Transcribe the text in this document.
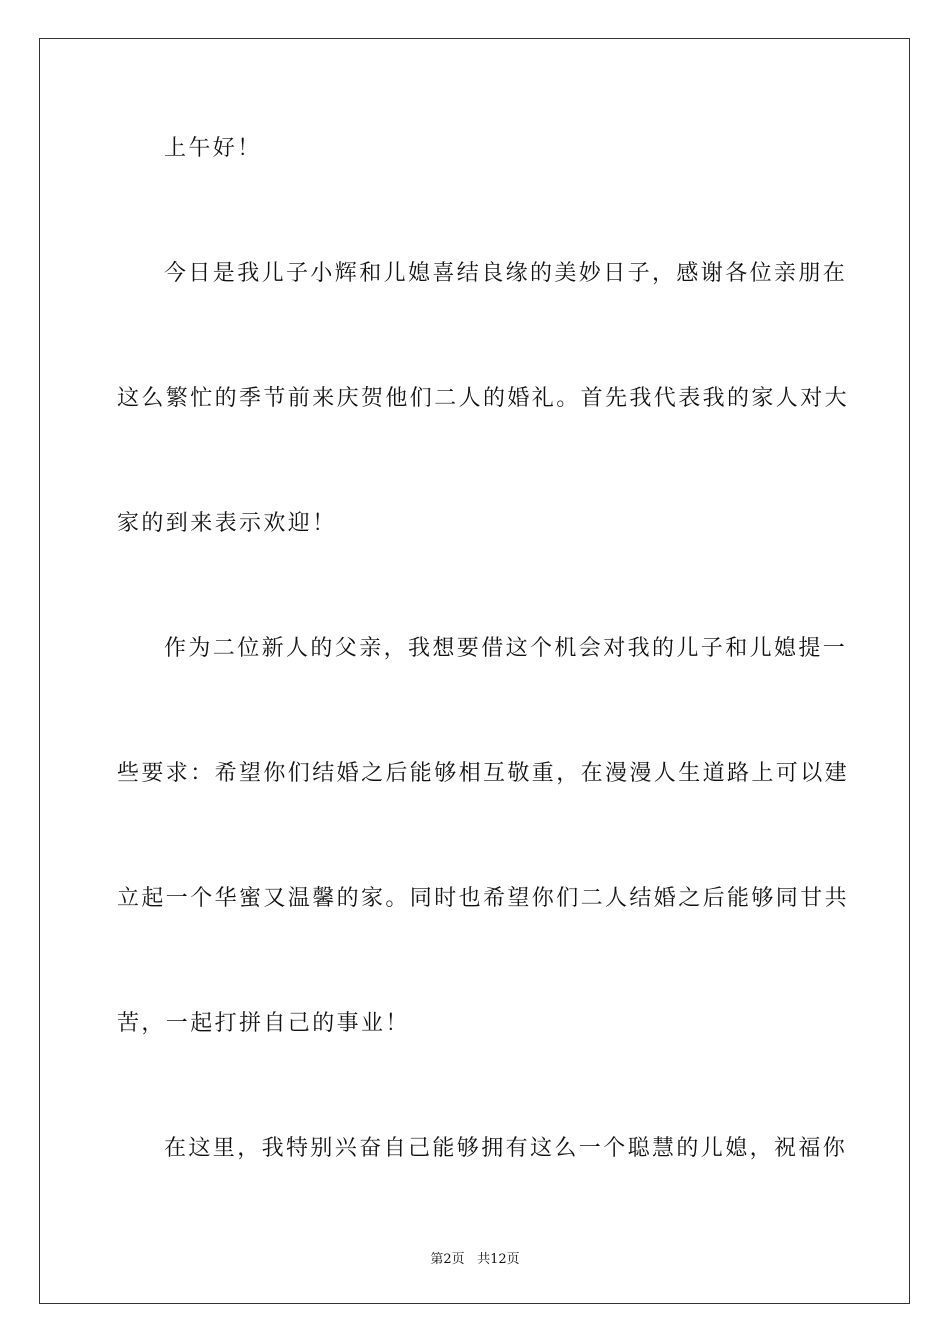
上午好！
今日是我儿子小辉和儿媳喜结良缘的美妙日子，感谢各位亲朋在
这么繁忙的季节前来庆贺他们二人的婚礼。首先我代表我的家人对大
家的到来表示欢迎！
作为二位新人的父亲，我想要借这个机会对我的儿子和儿媳提一
些要求：希望你们结婚之后能够相互敬重，在漫漫人生道路上可以建
立起一个华蜜又温馨的家。同时也希望你们二人结婚之后能够同甘共
苦，一起打拼自己的事业！
在这里，我特别兴奋自己能够拥有这么一个聪慧的儿媳，祝福你
第2页 共12页
